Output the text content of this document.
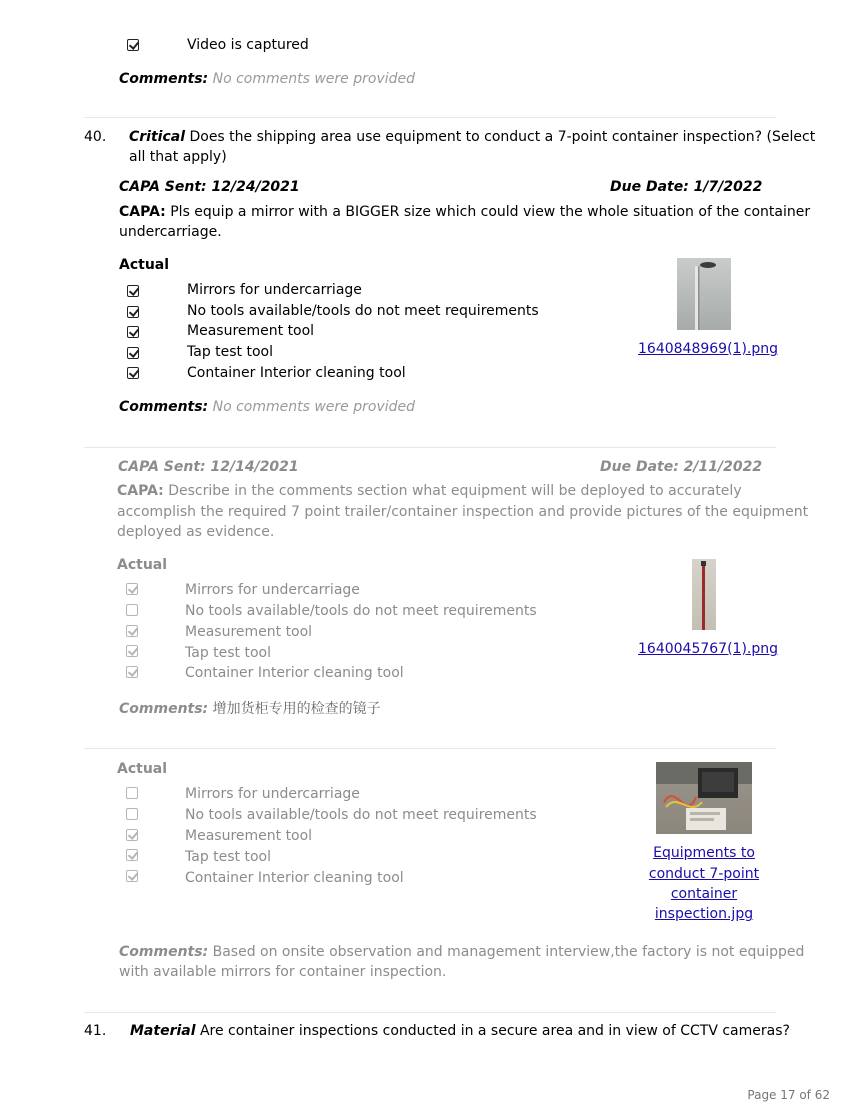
Video is captured
Comments: No comments were provided
40. Critical Does the shipping area use equipment to conduct a 7-point container inspection? (Select
all that apply)
CAPA Sent: 12/24/2021	Due Date: 1/7/2022
CAPA: Pls equip a mirror with a BIGGER size which could view the whole situation of the container
undercarriage.
Actual
Mirrors for undercarriage
No tools available/tools do not meet requirements
Measurement tool
Tap test tool
Container Interior cleaning tool
1640848969(1).png
Comments: No comments were provided
CAPA Sent: 12/14/2021	Due Date: 2/11/2022
CAPA: Describe in the comments section what equipment will be deployed to accurately
accomplish the required 7 point trailer/container inspection and provide pictures of the equipment
deployed as evidence.
Actual
Mirrors for undercarriage
No tools available/tools do not meet requirements
Measurement tool
Tap test tool
Container Interior cleaning tool
1640045767(1).png
Comments: 增加货柜专用的检查的镜子
Actual
Mirrors for undercarriage
No tools available/tools do not meet requirements
Measurement tool
Tap test tool
Container Interior cleaning tool
Equipments to
conduct 7-point
container
inspection.jpg
Comments: Based on onsite observation and management interview,the factory is not equipped
with available mirrors for container inspection.
41. Material Are container inspections conducted in a secure area and in view of CCTV cameras?
Page 17 of 62
